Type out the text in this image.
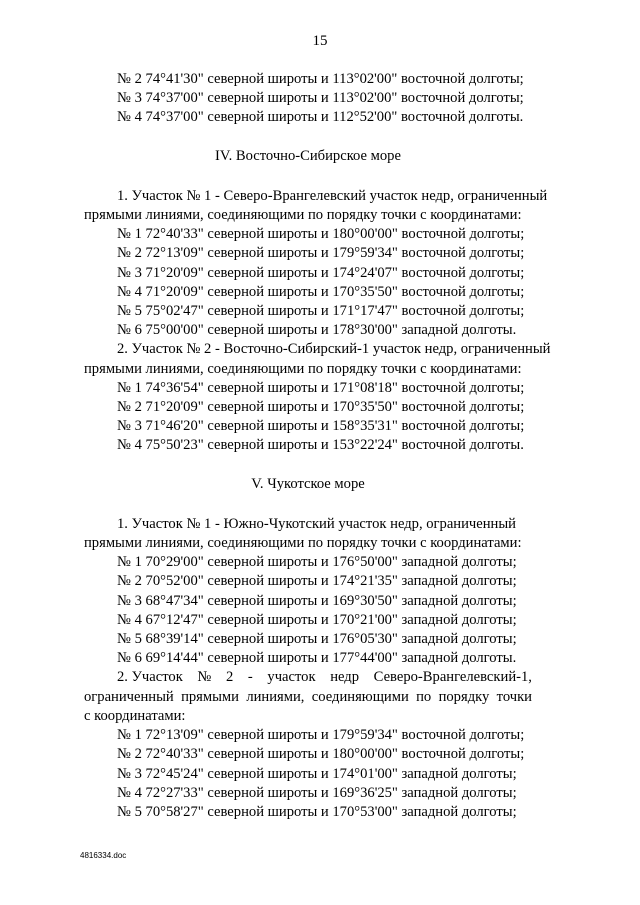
15
№ 2 74°41'30" северной широты и 113°02'00" восточной долготы;
№ 3 74°37'00" северной широты и 113°02'00" восточной долготы;
№ 4 74°37'00" северной широты и 112°52'00" восточной долготы.
IV. Восточно-Сибирское море
1. Участок № 1 - Северо-Врангелевский участок недр, ограниченный
прямыми линиями, соединяющими по порядку точки с координатами:
№ 1 72°40'33" северной широты и 180°00'00" восточной долготы;
№ 2 72°13'09" северной широты и 179°59'34" восточной долготы;
№ 3 71°20'09" северной широты и 174°24'07" восточной долготы;
№ 4 71°20'09" северной широты и 170°35'50" восточной долготы;
№ 5 75°02'47" северной широты и 171°17'47" восточной долготы;
№ 6 75°00'00" северной широты и 178°30'00" западной долготы.
2. Участок № 2 - Восточно-Сибирский-1 участок недр, ограниченный
прямыми линиями, соединяющими по порядку точки с координатами:
№ 1 74°36'54" северной широты и 171°08'18" восточной долготы;
№ 2 71°20'09" северной широты и 170°35'50" восточной долготы;
№ 3 71°46'20" северной широты и 158°35'31" восточной долготы;
№ 4 75°50'23" северной широты и 153°22'24" восточной долготы.
V. Чукотское море
1. Участок № 1 - Южно-Чукотский участок недр, ограниченный
прямыми линиями, соединяющими по порядку точки с координатами:
№ 1 70°29'00" северной широты и 176°50'00" западной долготы;
№ 2 70°52'00" северной широты и 174°21'35" западной долготы;
№ 3 68°47'34" северной широты и 169°30'50" западной долготы;
№ 4 67°12'47" северной широты и 170°21'00" западной долготы;
№ 5 68°39'14" северной широты и 176°05'30" западной долготы;
№ 6 69°14'44" северной широты и 177°44'00" западной долготы.
2. Участок № 2 - участок недр Северо-Врангелевский-1,
ограниченный прямыми линиями, соединяющими по порядку точки
с координатами:
№ 1 72°13'09" северной широты и 179°59'34" восточной долготы;
№ 2 72°40'33" северной широты и 180°00'00" восточной долготы;
№ 3 72°45'24" северной широты и 174°01'00" западной долготы;
№ 4 72°27'33" северной широты и 169°36'25" западной долготы;
№ 5 70°58'27" северной широты и 170°53'00" западной долготы;
4816334.doc
